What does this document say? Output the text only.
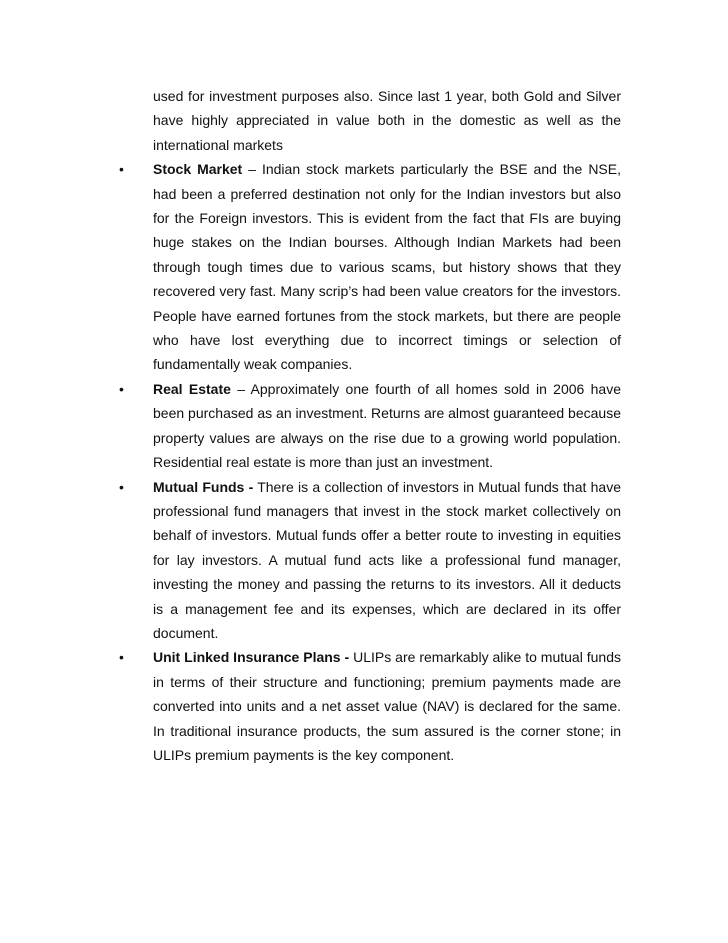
used for investment purposes also. Since last 1 year, both Gold and Silver have highly appreciated in value both in the domestic as well as the international markets

• Stock Market – Indian stock markets particularly the BSE and the NSE, had been a preferred destination not only for the Indian investors but also for the Foreign investors. This is evident from the fact that FIs are buying huge stakes on the Indian bourses. Although Indian Markets had been through tough times due to various scams, but history shows that they recovered very fast. Many scrip’s had been value creators for the investors. People have earned fortunes from the stock markets, but there are people who have lost everything due to incorrect timings or selection of fundamentally weak companies.
• Real Estate – Approximately one fourth of all homes sold in 2006 have been purchased as an investment. Returns are almost guaranteed because property values are always on the rise due to a growing world population. Residential real estate is more than just an investment.
• Mutual Funds - There is a collection of investors in Mutual funds that have professional fund managers that invest in the stock market collectively on behalf of investors. Mutual funds offer a better route to investing in equities for lay investors. A mutual fund acts like a professional fund manager, investing the money and passing the returns to its investors. All it deducts is a management fee and its expenses, which are declared in its offer document.
• Unit Linked Insurance Plans - ULIPs are remarkably alike to mutual funds in terms of their structure and functioning; premium payments made are converted into units and a net asset value (NAV) is declared for the same. In traditional insurance products, the sum assured is the corner stone; in ULIPs premium payments is the key component.
